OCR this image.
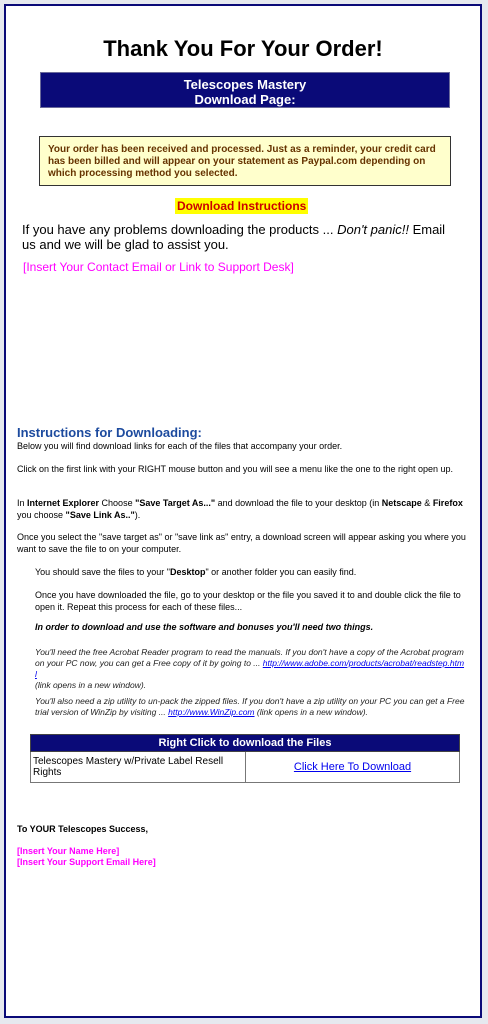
Thank You For Your Order!
Telescopes Mastery
Download Page:
Your order has been received and processed. Just as a reminder, your credit card has been billed and will appear on your statement as Paypal.com depending on which processing method you selected.
Download Instructions
If you have any problems downloading the products ... Don't panic!! Email us and we will be glad to assist you.
[Insert Your Contact Email or Link to Support Desk]
Instructions for Downloading:
Below you will find download links for each of the files that accompany your order.
Click on the first link with your RIGHT mouse button and you will see a menu like the one to the right open up.
In Internet Explorer Choose "Save Target As..." and download the file to your desktop (in Netscape & Firefox you choose "Save Link As..").
Once you select the "save target as" or "save link as" entry, a download screen will appear asking you where you want to save the file to on your computer.
You should save the files to your "Desktop" or another folder you can easily find.
Once you have downloaded the file, go to your desktop or the file you saved it to and double click the file to open it. Repeat this process for each of these files...
In order to download and use the software and bonuses you'll need two things.
You'll need the free Acrobat Reader program to read the manuals. If you don't have a copy of the Acrobat program on your PC now, you can get a Free copy of it by going to ... http://www.adobe.com/products/acrobat/readstep.html
(link opens in a new window).
You'll also need a zip utility to un-pack the zipped files. If you don't have a zip utility on your PC you can get a Free trial version of WinZip by visiting ... http://www.WinZip.com (link opens in a new window).
Right Click to download the Files
Telescopes Mastery w/Private Label Resell Rights	Click Here To Download
To YOUR Telescopes Success,
[Insert Your Name Here]
[Insert Your Support Email Here]
